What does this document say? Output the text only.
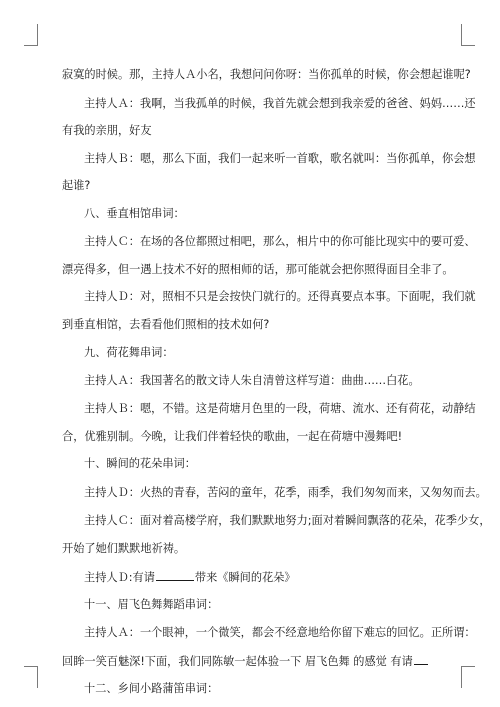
寂寞的时候。那，主持人Ａ小名，我想问问你呀：当你孤单的时候，你会想起谁呢?
主持人Ａ：我啊，当我孤单的时候，我首先就会想到我亲爱的爸爸、妈妈……还
有我的亲朋，好友
主持人Ｂ：嗯，那么下面，我们一起来听一首歌，歌名就叫：当你孤单，你会想
起谁?
八、垂直相馆串词：
主持人Ｃ：在场的各位都照过相吧，那么，相片中的你可能比现实中的要可爱、
漂亮得多，但一遇上技术不好的照相师的话，那可能就会把你照得面目全非了。
主持人Ｄ：对，照相不只是会按快门就行的。还得真要点本事。下面呢，我们就
到垂直相馆，去看看他们照相的技术如何?
九、荷花舞串词：
主持人Ａ：我国著名的散文诗人朱自清曾这样写道：曲曲……白花。
主持人Ｂ：嗯，不错。这是荷塘月色里的一段，荷塘、流水、还有荷花，动静结
合，优雅别制。今晚，让我们伴着轻快的歌曲，一起在荷塘中漫舞吧!
十、瞬间的花朵串词：
主持人Ｄ：火热的青春，苦闷的童年，花季，雨季，我们匆匆而来，又匆匆而去。
主持人Ｃ：面对着高楼学府，我们默默地努力;面对着瞬间飘落的花朵，花季少女，
开始了她们默默地祈祷。
主持人Ｄ:有请	带来《瞬间的花朵》
十一、眉飞色舞舞蹈串词：
主持人Ａ：一个眼神，一个微笑，都会不经意地给你留下难忘的回忆。正所谓：
回眸一笑百魅深!下面，我们同陈敏一起体验一下 眉飞色舞 的感觉 有请
十二、乡间小路蒲笛串词：
